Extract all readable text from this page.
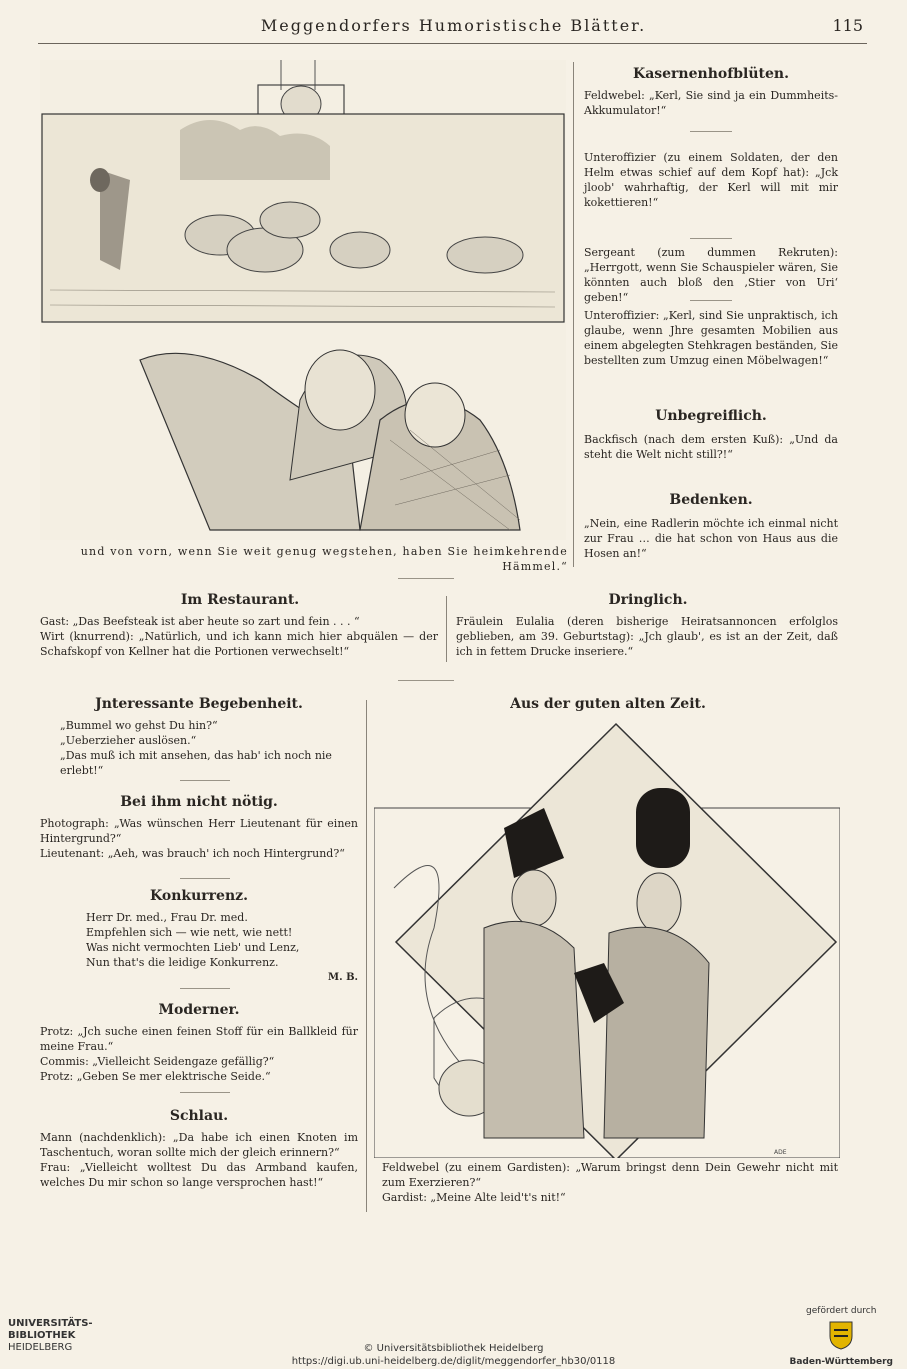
Meggendorfers Humoristische Blätter.	115
und von vorn, wenn Sie weit genug wegstehen, haben Sie heimkehrende Hämmel.“
Kasernenhofblüten.
Feldwebel: „Kerl, Sie sind ja ein Dummheits-Akkumulator!“
Unteroffizier (zu einem Soldaten, der den Helm etwas schief auf dem Kopf hat): „Jck jloob' wahrhaftig, der Kerl will mit mir kokettieren!“
Sergeant (zum dummen Rekruten): „Herrgott, wenn Sie Schauspieler wären, Sie könnten auch bloß den ‚Stier von Uri‘ geben!“
Unteroffizier: „Kerl, sind Sie unpraktisch, ich glaube, wenn Jhre gesamten Mobilien aus einem abgelegten Stehkragen beständen, Sie bestellten zum Umzug einen Möbelwagen!“
Unbegreiflich.
Backfisch (nach dem ersten Kuß): „Und da steht die Welt nicht still?!“
Bedenken.
„Nein, eine Radlerin möchte ich einmal nicht zur Frau … die hat schon von Haus aus die Hosen an!“
Im Restaurant.

Gast: „Das Beefsteak ist aber heute so zart und fein . . . “

Wirt (knurrend): „Natürlich, und ich kann mich hier abquälen — der Schafskopf von Kellner hat die Portionen verwechselt!“

Dringlich.
Fräulein Eulalia (deren bisherige Heiratsannoncen erfolglos geblieben, am 39. Geburtstag): „Jch glaub', es ist an der Zeit, daß ich in fettem Drucke inseriere.“
Jnteressante Begebenheit.

„Bummel wo gehst Du hin?“

„Ueberzieher auslösen.“

„Das muß ich mit ansehen, das hab' ich noch nie erlebt!“

Bei ihm nicht nötig.

Photograph: „Was wünschen Herr Lieutenant für einen Hintergrund?“

Lieutenant: „Aeh, was brauch' ich noch Hintergrund?“

Konkurrenz.

Herr Dr. med., Frau Dr. med.

Empfehlen sich — wie nett, wie nett!

Was nicht vermochten Lieb' und Lenz,

Nun that's die leidige Konkurrenz.

M. B.

Moderner.

Protz: „Jch suche einen feinen Stoff für ein Ballkleid für meine Frau.“

Commis: „Vielleicht Seidengaze gefällig?“

Protz: „Geben Se mer elektrische Seide.“

Schlau.

Mann (nachdenklich): „Da habe ich einen Knoten im Taschentuch, woran sollte mich der gleich erinnern?“

Frau: „Vielleicht wolltest Du das Armband kaufen, welches Du mir schon so lange versprochen hast!“

Aus der guten alten Zeit.
ADE

Feldwebel (zu einem Gardisten): „Warum bringst denn Dein Gewehr nicht mit zum Exerzieren?“

Gardist: „Meine Alte leid't's nit!“

UNIVERSITÄTS-
BIBLIOTHEK
HEIDELBERG
gefördert durch
Baden-Württemberg
© Universitätsbibliothek Heidelberg
https://digi.ub.uni-heidelberg.de/diglit/meggendorfer_hb30/0118
